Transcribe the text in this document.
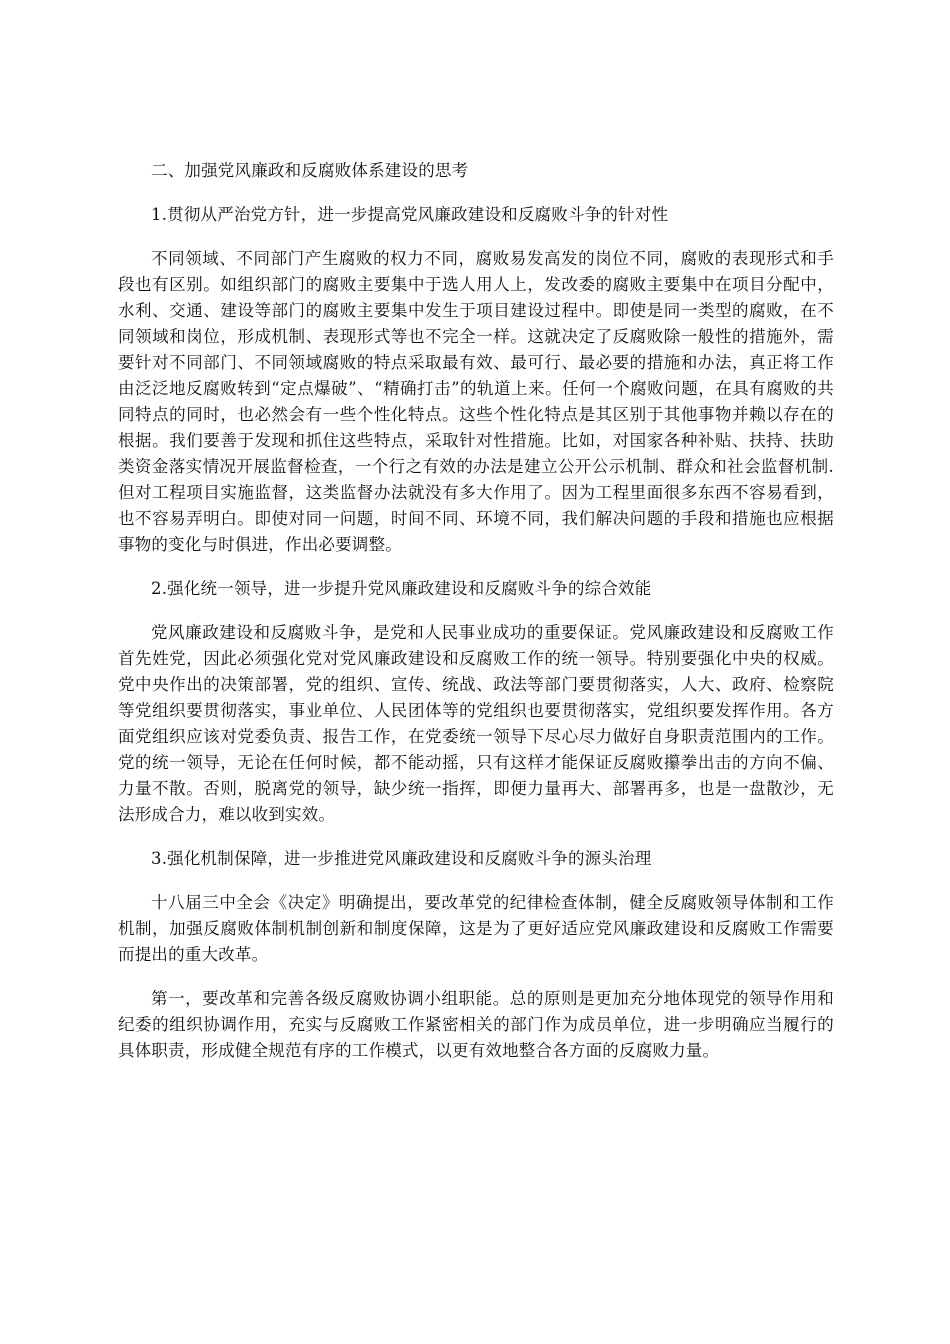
二、加强党风廉政和反腐败体系建设的思考

1.贯彻从严治党方针，进一步提高党风廉政建设和反腐败斗争的针对性

不同领域、不同部门产生腐败的权力不同，腐败易发高发的岗位不同，腐败的表现形式和手段也有区别。如组织部门的腐败主要集中于选人用人上，发改委的腐败主要集中在项目分配中，水利、交通、建设等部门的腐败主要集中发生于项目建设过程中。即使是同一类型的腐败，在不同领域和岗位，形成机制、表现形式等也不完全一样。这就决定了反腐败除一般性的措施外，需要针对不同部门、不同领域腐败的特点采取最有效、最可行、最必要的措施和办法，真正将工作由泛泛地反腐败转到“定点爆破”、“精确打击”的轨道上来。任何一个腐败问题，在具有腐败的共同特点的同时，也必然会有一些个性化特点。这些个性化特点是其区别于其他事物并赖以存在的根据。我们要善于发现和抓住这些特点，采取针对性措施。比如，对国家各种补贴、扶持、扶助类资金落实情况开展监督检查，一个行之有效的办法是建立公开公示机制、群众和社会监督机制.但对工程项目实施监督，这类监督办法就没有多大作用了。因为工程里面很多东西不容易看到，也不容易弄明白。即使对同一问题，时间不同、环境不同，我们解决问题的手段和措施也应根据事物的变化与时俱进，作出必要调整。

2.强化统一领导，进一步提升党风廉政建设和反腐败斗争的综合效能

党风廉政建设和反腐败斗争，是党和人民事业成功的重要保证。党风廉政建设和反腐败工作首先姓党，因此必须强化党对党风廉政建设和反腐败工作的统一领导。特别要强化中央的权威。党中央作出的决策部署，党的组织、宣传、统战、政法等部门要贯彻落实，人大、政府、检察院等党组织要贯彻落实，事业单位、人民团体等的党组织也要贯彻落实，党组织要发挥作用。各方面党组织应该对党委负责、报告工作，在党委统一领导下尽心尽力做好自身职责范围内的工作。党的统一领导，无论在任何时候，都不能动摇，只有这样才能保证反腐败攥拳出击的方向不偏、力量不散。否则，脱离党的领导，缺少统一指挥，即便力量再大、部署再多，也是一盘散沙，无法形成合力，难以收到实效。

3.强化机制保障，进一步推进党风廉政建设和反腐败斗争的源头治理

十八届三中全会《决定》明确提出，要改革党的纪律检查体制，健全反腐败领导体制和工作机制，加强反腐败体制机制创新和制度保障，这是为了更好适应党风廉政建设和反腐败工作需要而提出的重大改革。

第一，要改革和完善各级反腐败协调小组职能。总的原则是更加充分地体现党的领导作用和纪委的组织协调作用，充实与反腐败工作紧密相关的部门作为成员单位，进一步明确应当履行的具体职责，形成健全规范有序的工作模式，以更有效地整合各方面的反腐败力量。
